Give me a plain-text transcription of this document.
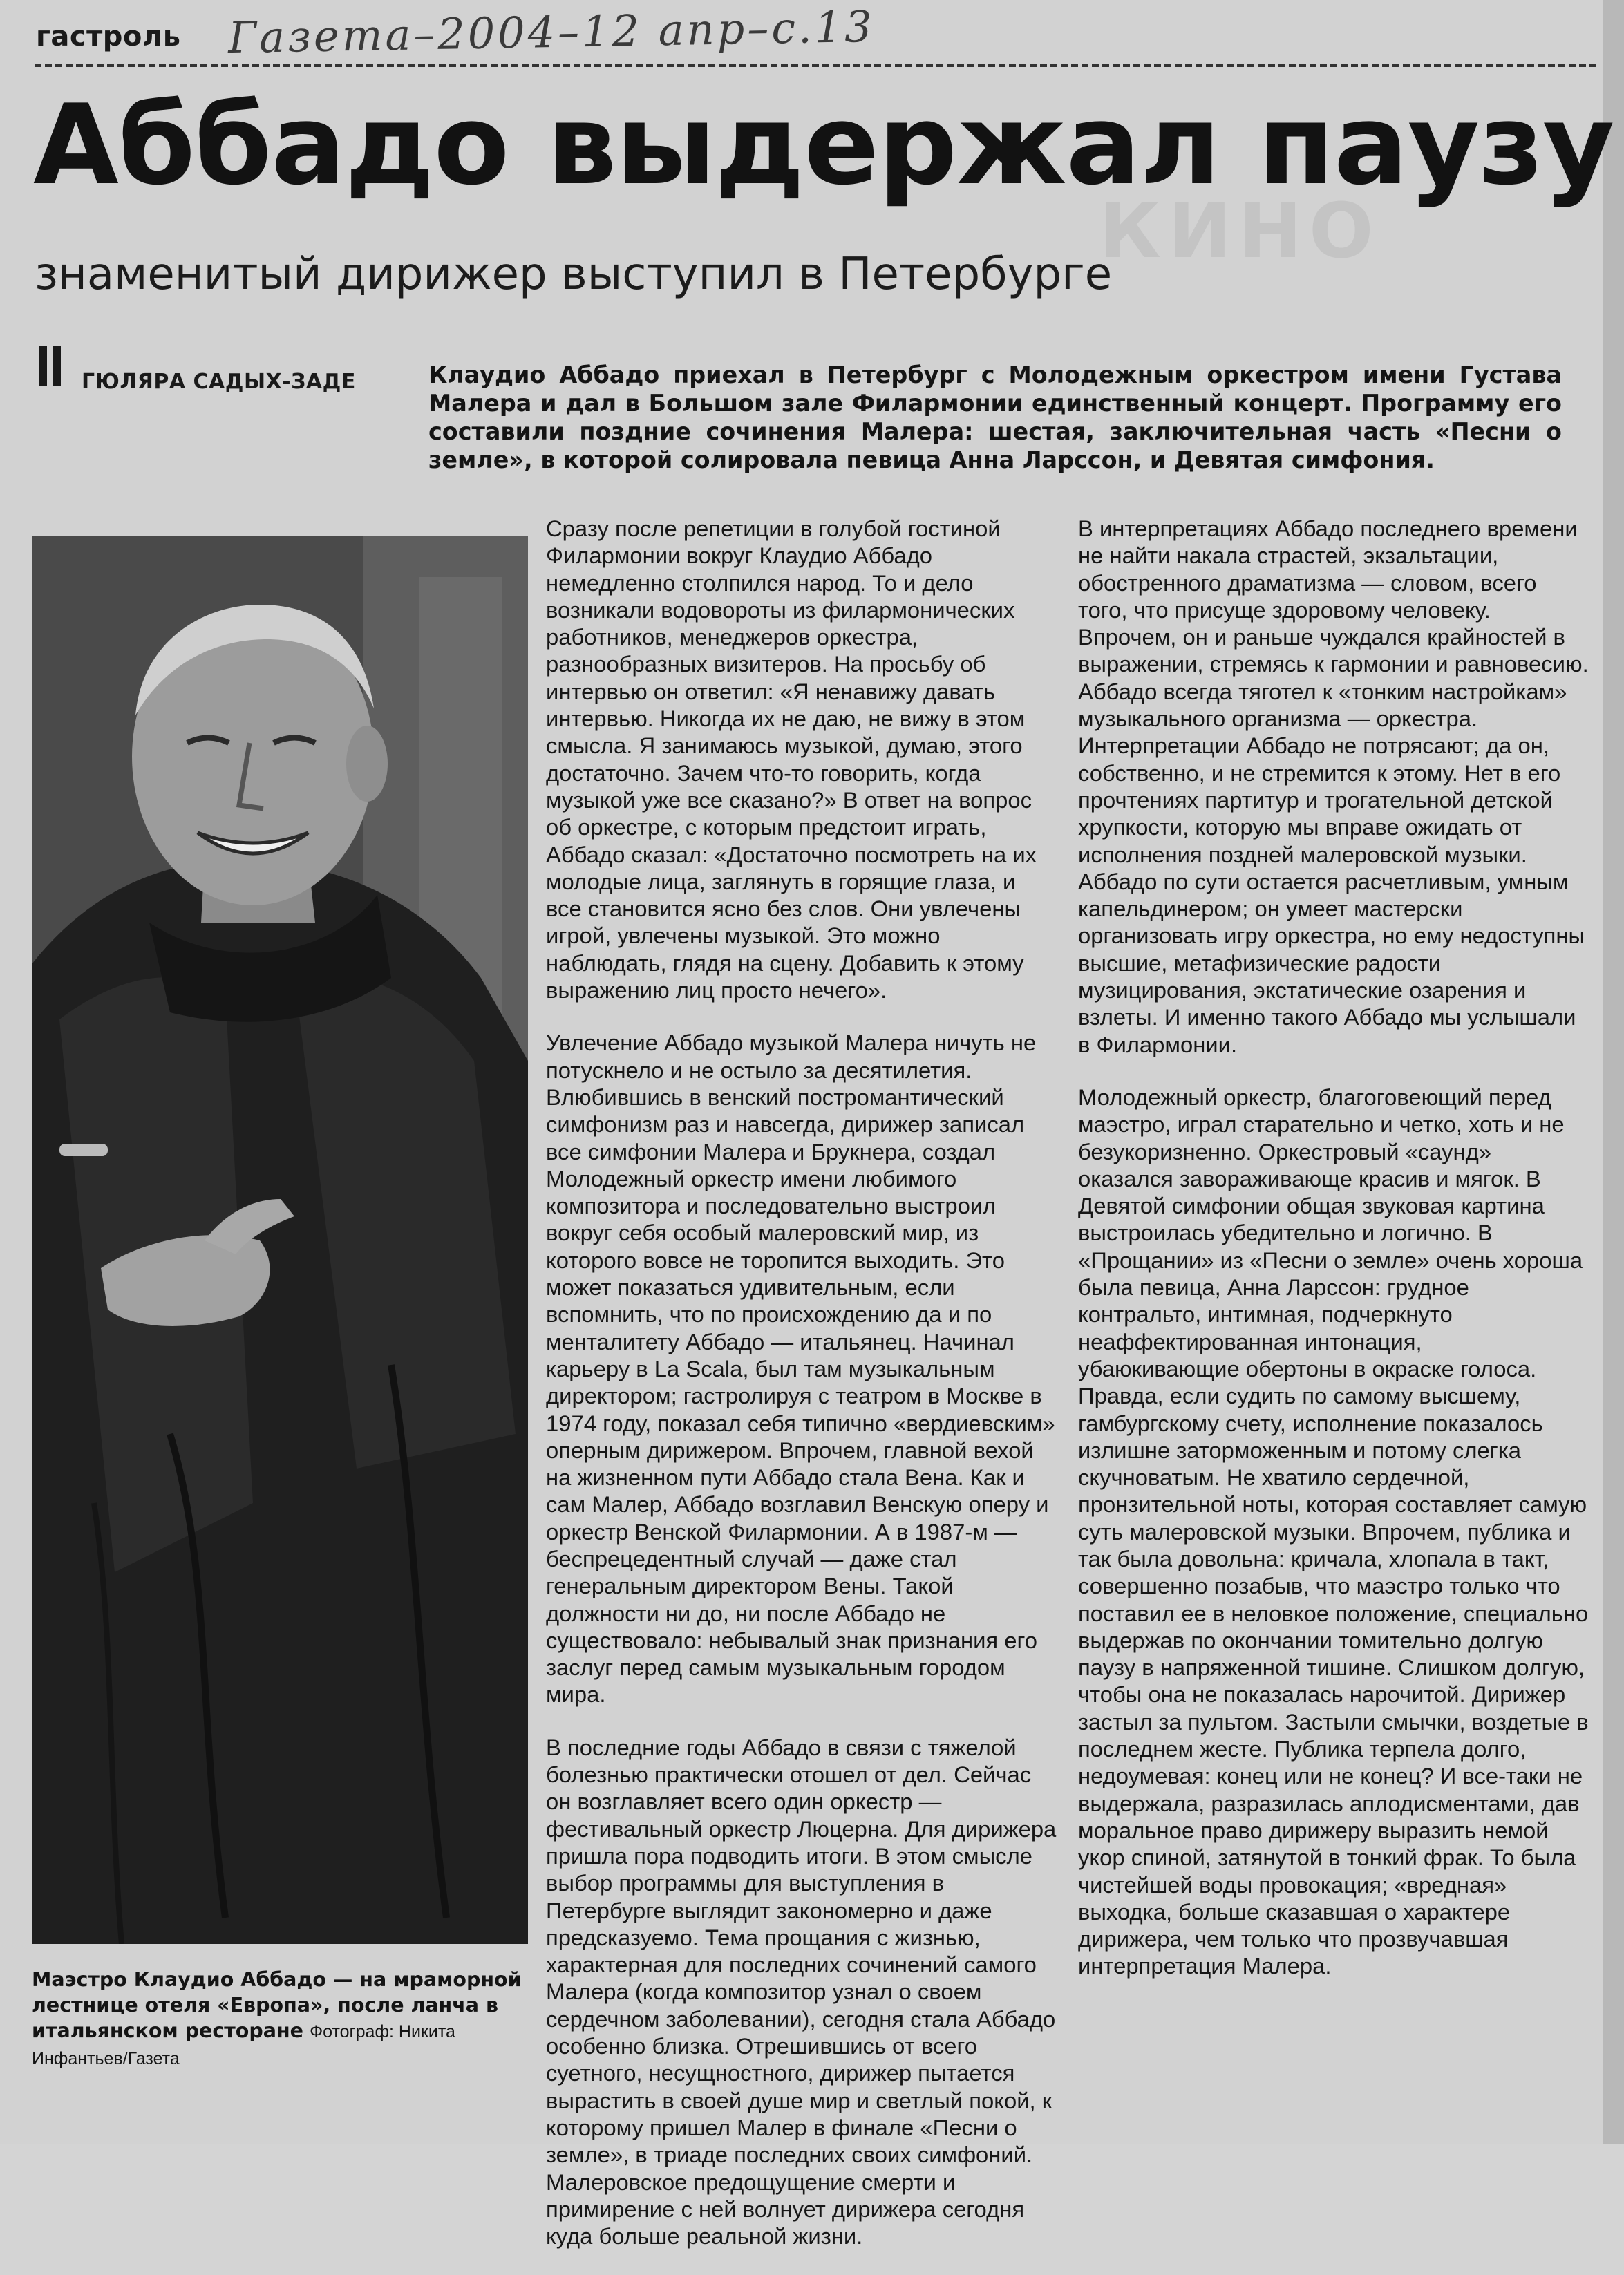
КИНО
гастроль Газета–2004–12 апр–с.13
Аббадо выдержал паузу
знаменитый дирижер выступил в Петербурге
ГЮЛЯРА САДЫХ-ЗАДЕ	Клаудио Аббадо приехал в Петербург с Молодежным оркестром имени Густава Малера и дал в Большом зале Филармонии единственный концерт. Программу его составили поздние сочинения Малера: шестая, заключительная часть «Песни о земле», в которой солировала певица Анна Ларссон, и Девятая симфония.
Маэстро Клаудио Аббадо — на мраморной лестнице отеля «Европа», после ланча в итальянском ресторане Фотограф: Никита Инфантьев/Газета

Сразу после репетиции в голубой гостиной Филармонии вокруг Клаудио Аббадо немедленно столпился народ. То и дело возникали водовороты из филармонических работников, менеджеров оркестра, разнообразных визитеров. На просьбу об интервью он ответил: «Я ненавижу давать интервью. Никогда их не даю, не вижу в этом смысла. Я занимаюсь музыкой, думаю, этого достаточно. Зачем что-то говорить, когда музыкой уже все сказано?» В ответ на вопрос об оркестре, с которым предстоит играть, Аббадо сказал: «Достаточно посмотреть на их молодые лица, заглянуть в горящие глаза, и все становится ясно без слов. Они увлечены игрой, увлечены музыкой. Это можно наблюдать, глядя на сцену. Добавить к этому выражению лиц просто нечего».

Увлечение Аббадо музыкой Малера ничуть не потускнело и не остыло за десятилетия. Влюбившись в венский постромантический симфонизм раз и навсегда, дирижер записал все симфонии Малера и Брукнера, создал Молодежный оркестр имени любимого композитора и последовательно выстроил вокруг себя особый малеровский мир, из которого вовсе не торопится выходить. Это может показаться удивительным, если вспомнить, что по происхождению да и по менталитету Аббадо — итальянец. Начинал карьеру в La Scala, был там музыкальным директором; гастролируя с театром в Москве в 1974 году, показал себя типично «вердиевским» оперным дирижером. Впрочем, главной вехой на жизненном пути Аббадо стала Вена. Как и сам Малер, Аббадо возглавил Венскую оперу и оркестр Венской Филармонии. А в 1987-м — беспрецедентный случай — даже стал генеральным директором Вены. Такой должности ни до, ни после Аббадо не существовало: небывалый знак признания его заслуг перед самым музыкальным городом мира.

В последние годы Аббадо в связи с тяжелой болезнью практически отошел от дел. Сейчас он возглавляет всего один оркестр — фестивальный оркестр Люцерна. Для дирижера пришла пора подводить итоги. В этом смысле выбор программы для выступления в Петербурге выглядит закономерно и даже предсказуемо. Тема прощания с жизнью, характерная для последних сочинений самого Малера (когда композитор узнал о своем сердечном заболевании), сегодня стала Аббадо особенно близка. Отрешившись от всего суетного, несущностного, дирижер пытается вырастить в своей душе мир и светлый покой, к которому пришел Малер в финале «Песни о земле», в триаде последних своих симфоний. Малеровское предощущение смерти и примирение с ней волнует дирижера сегодня куда больше реальной жизни.

В интерпретациях Аббадо последнего времени не найти накала страстей, экзальтации, обостренного драматизма — словом, всего того, что присуще здоровому человеку. Впрочем, он и раньше чуждался крайностей в выражении, стремясь к гармонии и равновесию. Аббадо всегда тяготел к «тонким настройкам» музыкального организма — оркестра. Интерпретации Аббадо не потрясают; да он, собственно, и не стремится к этому. Нет в его прочтениях партитур и трогательной детской хрупкости, которую мы вправе ожидать от исполнения поздней малеровской музыки. Аббадо по сути остается расчетливым, умным капельдинером; он умеет мастерски организовать игру оркестра, но ему недоступны высшие, метафизические радости музицирования, экстатические озарения и взлеты. И именно такого Аббадо мы услышали в Филармонии.

Молодежный оркестр, благоговеющий перед маэстро, играл старательно и четко, хоть и не безукоризненно. Оркестровый «саунд» оказался завораживающе красив и мягок. В Девятой симфонии общая звуковая картина выстроилась убедительно и логично. В «Прощании» из «Песни о земле» очень хороша была певица, Анна Ларссон: грудное контральто, интимная, подчеркнуто неаффектированная интонация, убаюкивающие обертоны в окраске голоса. Правда, если судить по самому высшему, гамбургскому счету, исполнение показалось излишне заторможенным и потому слегка скучноватым. Не хватило сердечной, пронзительной ноты, которая составляет самую суть малеровской музыки. Впрочем, публика и так была довольна: кричала, хлопала в такт, совершенно позабыв, что маэстро только что поставил ее в неловкое положение, специально выдержав по окончании томительно долгую паузу в напряженной тишине. Слишком долгую, чтобы она не показалась нарочитой. Дирижер застыл за пультом. Застыли смычки, воздетые в последнем жесте. Публика терпела долго, недоумевая: конец или не конец? И все-таки не выдержала, разразилась аплодисментами, дав моральное право дирижеру выразить немой укор спиной, затянутой в тонкий фрак. То была чистейшей воды провокация; «вредная» выходка, больше сказавшая о характере дирижера, чем только что прозвучавшая интерпретация Малера.
